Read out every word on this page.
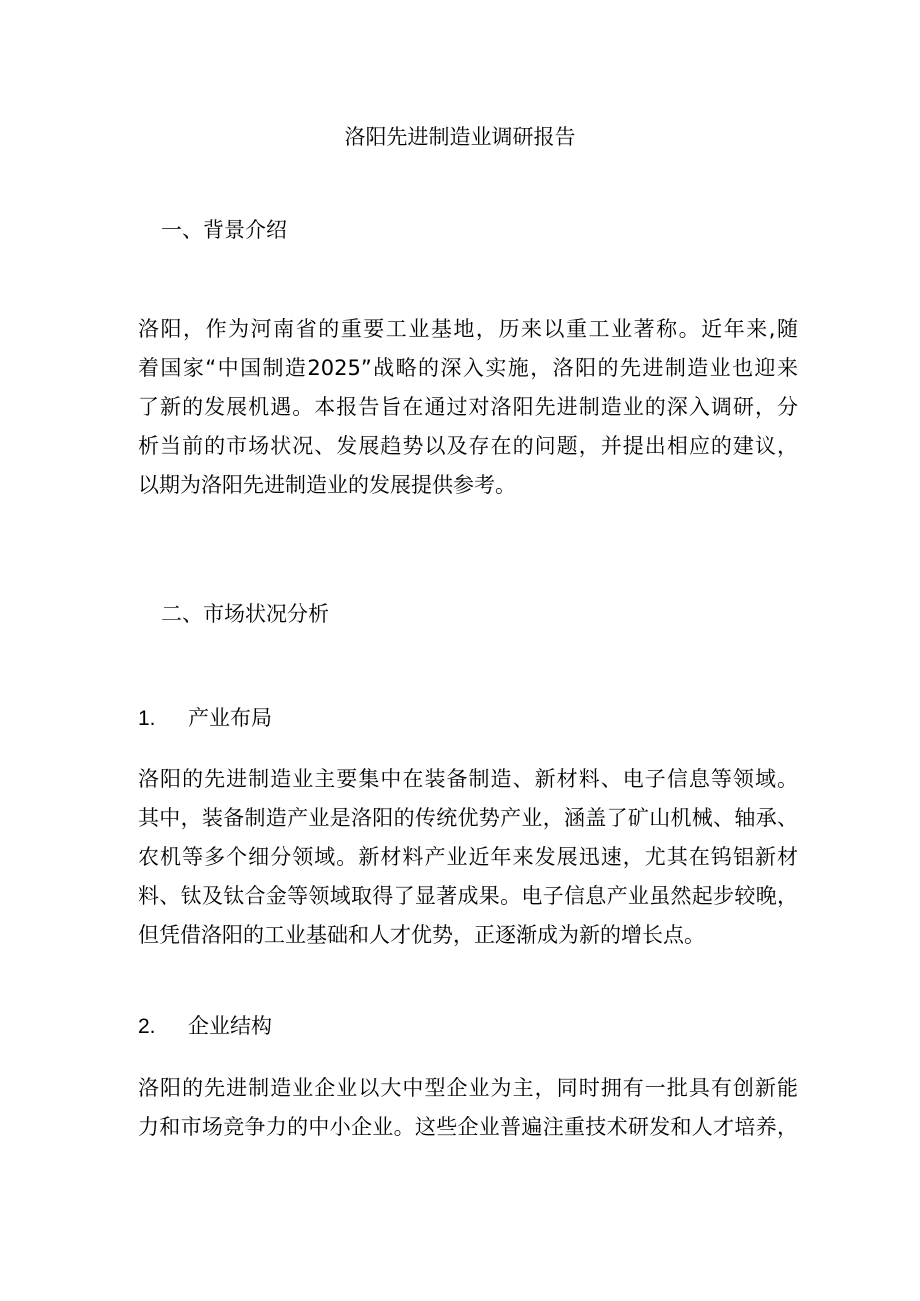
洛阳先进制造业调研报告
一、背景介绍
洛阳，作为河南省的重要工业基地，历来以重工业著称。近年来,随
着国家“中国制造2025”战略的深入实施，洛阳的先进制造业也迎来
了新的发展机遇。本报告旨在通过对洛阳先进制造业的深入调研，分
析当前的市场状况、发展趋势以及存在的问题，并提出相应的建议，
以期为洛阳先进制造业的发展提供参考。
二、市场状况分析
1. 产业布局
洛阳的先进制造业主要集中在装备制造、新材料、电子信息等领域。
其中，装备制造产业是洛阳的传统优势产业，涵盖了矿山机械、轴承、
农机等多个细分领域。新材料产业近年来发展迅速，尤其在钨铝新材
料、钛及钛合金等领域取得了显著成果。电子信息产业虽然起步较晚，
但凭借洛阳的工业基础和人才优势，正逐渐成为新的增长点。
2. 企业结构
洛阳的先进制造业企业以大中型企业为主，同时拥有一批具有创新能
力和市场竞争力的中小企业。这些企业普遍注重技术研发和人才培养，
